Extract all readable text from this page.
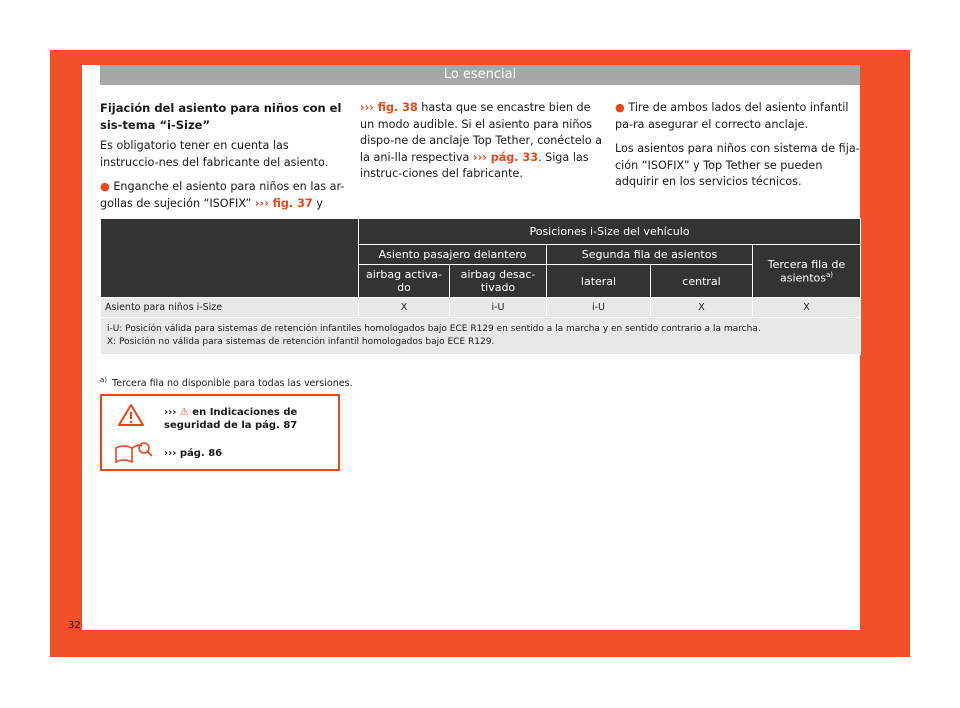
Lo esencial
Fijación del asiento para niños con el sis-tema “i-Size”

Es obligatorio tener en cuenta las instruccio-nes del fabricante del asiento.

● Enganche el asiento para niños en las ar-gollas de sujeción “ISOFIX” ››› fig. 37 y

››› fig. 38 hasta que se encastre bien de un modo audible. Si el asiento para niños dispo-ne de anclaje Top Tether, conéctelo a la ani-lla respectiva ››› pág. 33. Siga las instruc-ciones del fabricante.

● Tire de ambos lados del asiento infantil pa-ra asegurar el correcto anclaje.

Los asientos para niños con sistema de fija-ción “ISOFIX” y Top Tether se pueden adquirir en los servicios técnicos.

	Posiciones i-Size del vehículo				
	Asiento pasajero delantero		Segunda fila de asientos		Tercera fila de asientos$^{a)}$
	airbag activa-do	airbag desac-tivado	lateral	central	
Asiento para niños i-Size	X	i-U	i-U	X	X

i-U: Posición válida para sistemas de retención infantiles homologados bajo ECE R129 en sentido a la marcha y en sentido contrario a la marcha.
X: Posición no válida para sistemas de retención infantil homologados bajo ECE R129.					
$^{a)}$ Tercera fila no disponible para todas las versiones.
››› ⚠ en Indicaciones de seguridad de la pág. 87
››› pág. 86
32
